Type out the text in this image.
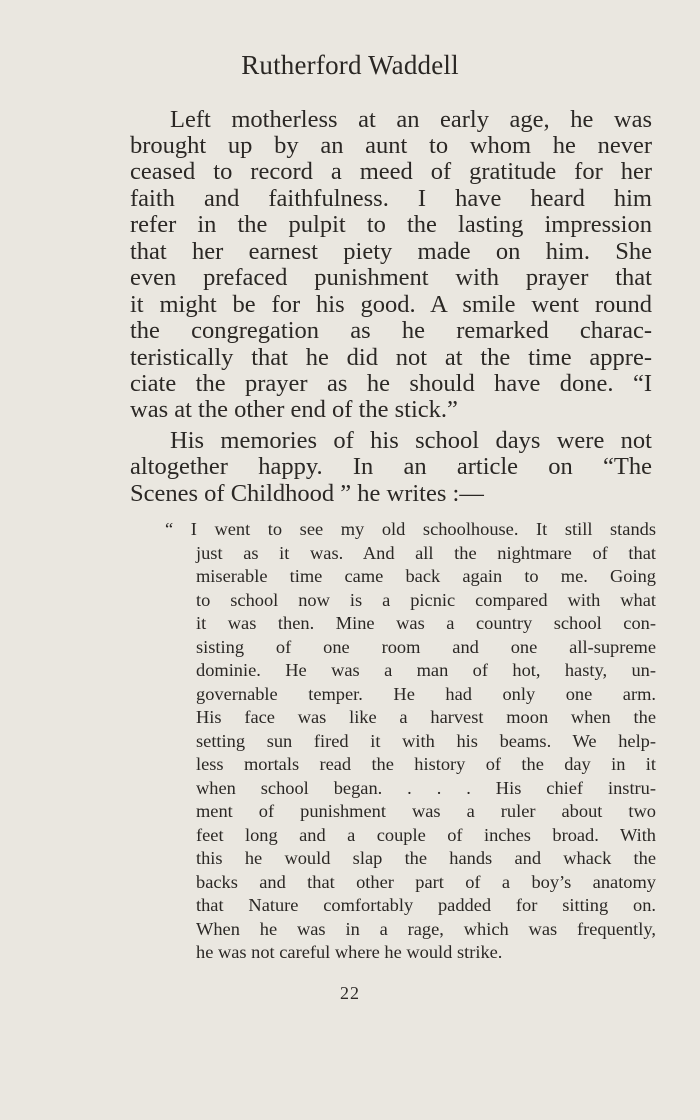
Rutherford Waddell
Left motherless at an early age, he was
brought up by an aunt to whom he never
ceased to record a meed of gratitude for her
faith and faithfulness. I have heard him
refer in the pulpit to the lasting impression
that her earnest piety made on him. She
even prefaced punishment with prayer that
it might be for his good. A smile went round
the congregation as he remarked charac-
teristically that he did not at the time appre-
ciate the prayer as he should have done. “I
was at the other end of the stick.”
His memories of his school days were not
altogether happy. In an article on “The
Scenes of Childhood ” he writes :—
“ I went to see my old schoolhouse. It still stands
just as it was. And all the nightmare of that
miserable time came back again to me. Going
to school now is a picnic compared with what
it was then. Mine was a country school con-
sisting of one room and one all-supreme
dominie. He was a man of hot, hasty, un-
governable temper. He had only one arm.
His face was like a harvest moon when the
setting sun fired it with his beams. We help-
less mortals read the history of the day in it
when school began. . . . His chief instru-
ment of punishment was a ruler about two
feet long and a couple of inches broad. With
this he would slap the hands and whack the
backs and that other part of a boy’s anatomy
that Nature comfortably padded for sitting on.
When he was in a rage, which was frequently,
he was not careful where he would strike.
22
